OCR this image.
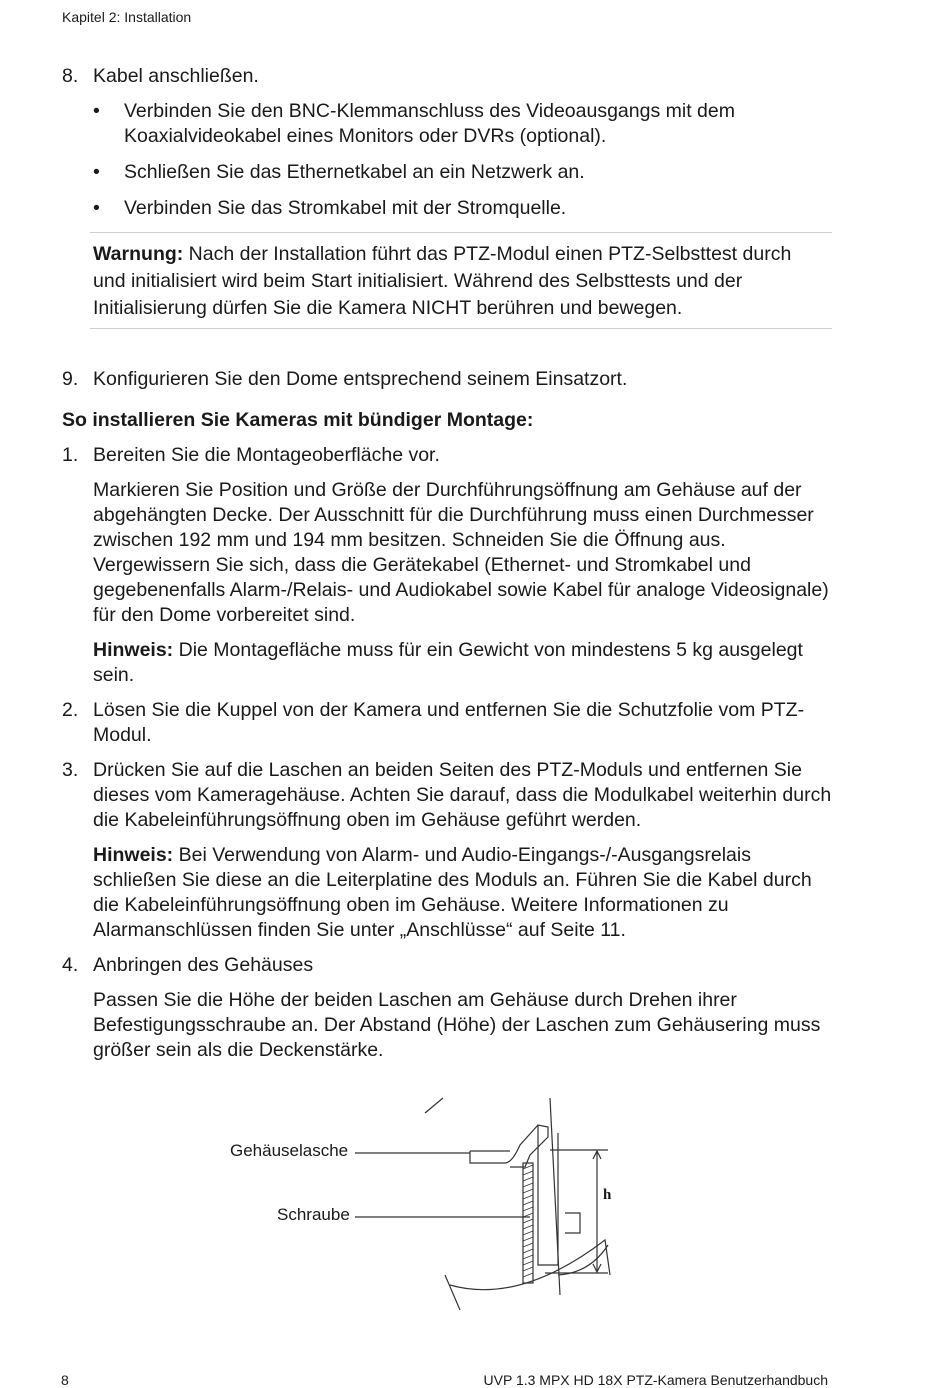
Kapitel 2: Installation
8. Kabel anschließen.
•	Verbinden Sie den BNC-Klemmanschluss des Videoausgangs mit dem Koaxialvideokabel eines Monitors oder DVRs (optional).
•	Schließen Sie das Ethernetkabel an ein Netzwerk an.
•	Verbinden Sie das Stromkabel mit der Stromquelle.
Warnung: Nach der Installation führt das PTZ-Modul einen PTZ-Selbsttest durch und initialisiert wird beim Start initialisiert. Während des Selbsttests und der Initialisierung dürfen Sie die Kamera NICHT berühren und bewegen.
9. Konfigurieren Sie den Dome entsprechend seinem Einsatzort.
So installieren Sie Kameras mit bündiger Montage:
1. Bereiten Sie die Montageoberfläche vor.
Markieren Sie Position und Größe der Durchführungsöffnung am Gehäuse auf der abgehängten Decke. Der Ausschnitt für die Durchführung muss einen Durchmesser zwischen 192 mm und 194 mm besitzen. Schneiden Sie die Öffnung aus. Vergewissern Sie sich, dass die Gerätekabel (Ethernet- und Stromkabel und gegebenenfalls Alarm-/Relais- und Audiokabel sowie Kabel für analoge Videosignale) für den Dome vorbereitet sind.
Hinweis: Die Montagefläche muss für ein Gewicht von mindestens 5 kg ausgelegt sein.
2. Lösen Sie die Kuppel von der Kamera und entfernen Sie die Schutzfolie vom PTZ-Modul.
3. Drücken Sie auf die Laschen an beiden Seiten des PTZ-Moduls und entfernen Sie dieses vom Kameragehäuse. Achten Sie darauf, dass die Modulkabel weiterhin durch die Kabeleinführungsöffnung oben im Gehäuse geführt werden.
Hinweis: Bei Verwendung von Alarm- und Audio-Eingangs-/-Ausgangsrelais schließen Sie diese an die Leiterplatine des Moduls an. Führen Sie die Kabel durch die Kabeleinführungsöffnung oben im Gehäuse. Weitere Informationen zu Alarmanschlüssen finden Sie unter „Anschlüsse“ auf Seite 11.
4. Anbringen des Gehäuses
Passen Sie die Höhe der beiden Laschen am Gehäuse durch Drehen ihrer Befestigungsschraube an. Der Abstand (Höhe) der Laschen zum Gehäusering muss größer sein als die Deckenstärke.
Gehäuselasche
Schraube
h
8	UVP 1.3 MPX HD 18X PTZ-Kamera Benutzerhandbuch
